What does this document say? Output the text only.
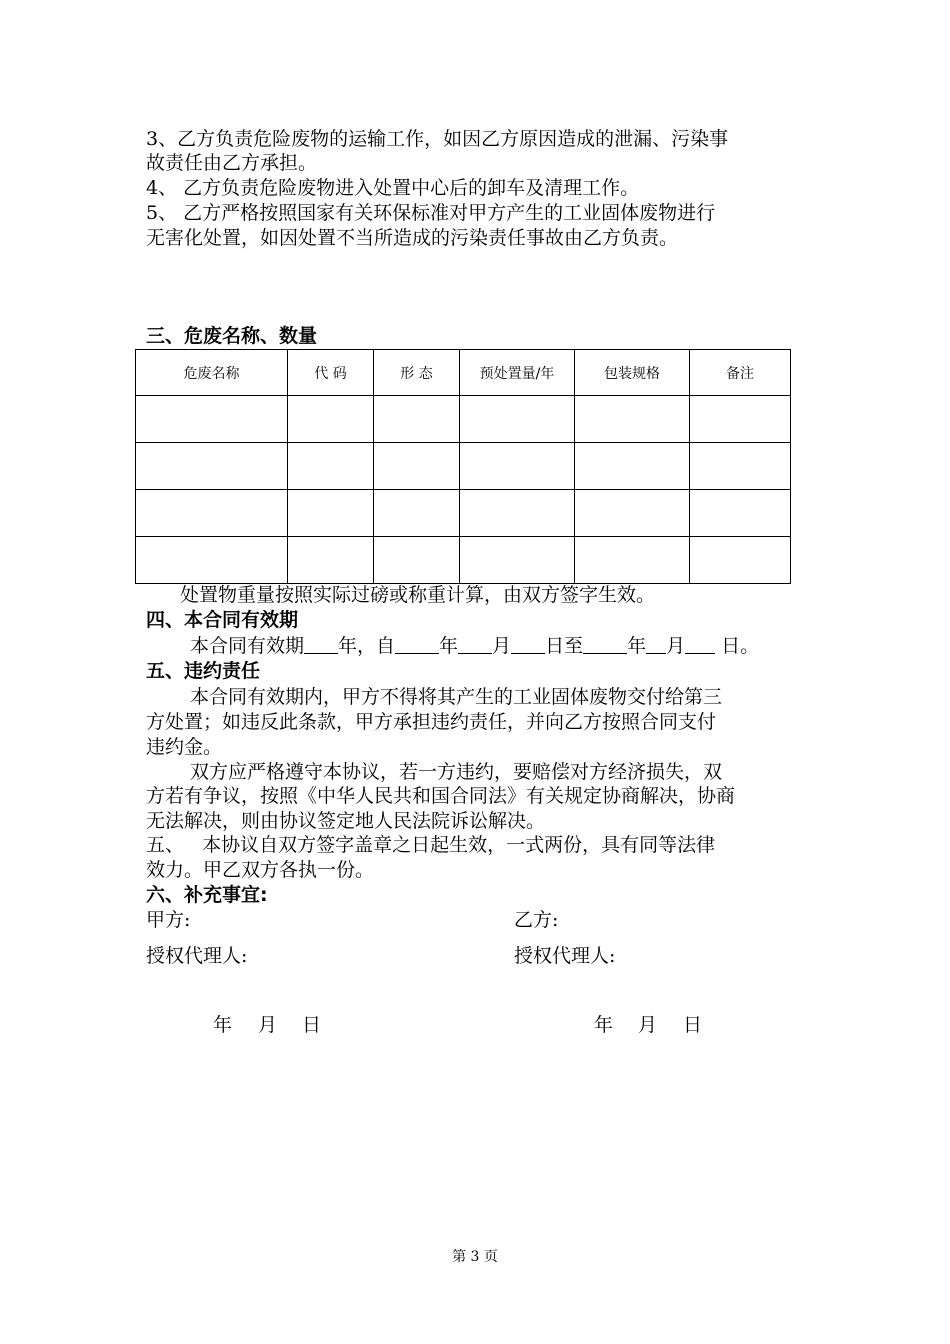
3、乙方负责危险废物的运输工作，如因乙方原因造成的泄漏、污染事
故责任由乙方承担。
4、 乙方负责危险废物进入处置中心后的卸车及清理工作。
5、 乙方严格按照国家有关环保标准对甲方产生的工业固体废物进行
无害化处置，如因处置不当所造成的污染责任事故由乙方负责。
三、危废名称、数量
危废名称	代 码	形 态	预处置量/年	包装规格	备注

处置物重量按照实际过磅或称重计算，由双方签字生效。
四、本合同有效期
本合同有效期 年，自 年 月 日至 年 月 日。
五、违约责任
本合同有效期内，甲方不得将其产生的工业固体废物交付给第三
方处置；如违反此条款，甲方承担违约责任，并向乙方按照合同支付
违约金。
双方应严格遵守本协议，若一方违约，要赔偿对方经济损失，双
方若有争议，按照《中华人民共和国合同法》有关规定协商解决，协商
无法解决，则由协议签定地人民法院诉讼解决。
五、   本协议自双方签字盖章之日起生效，一式两份，具有同等法律
效力。甲乙双方各执一份。
六、补充事宜:
甲方:	乙方:
授权代理人:	授权代理人:
年 月 日	年 月 日
第 3 页
